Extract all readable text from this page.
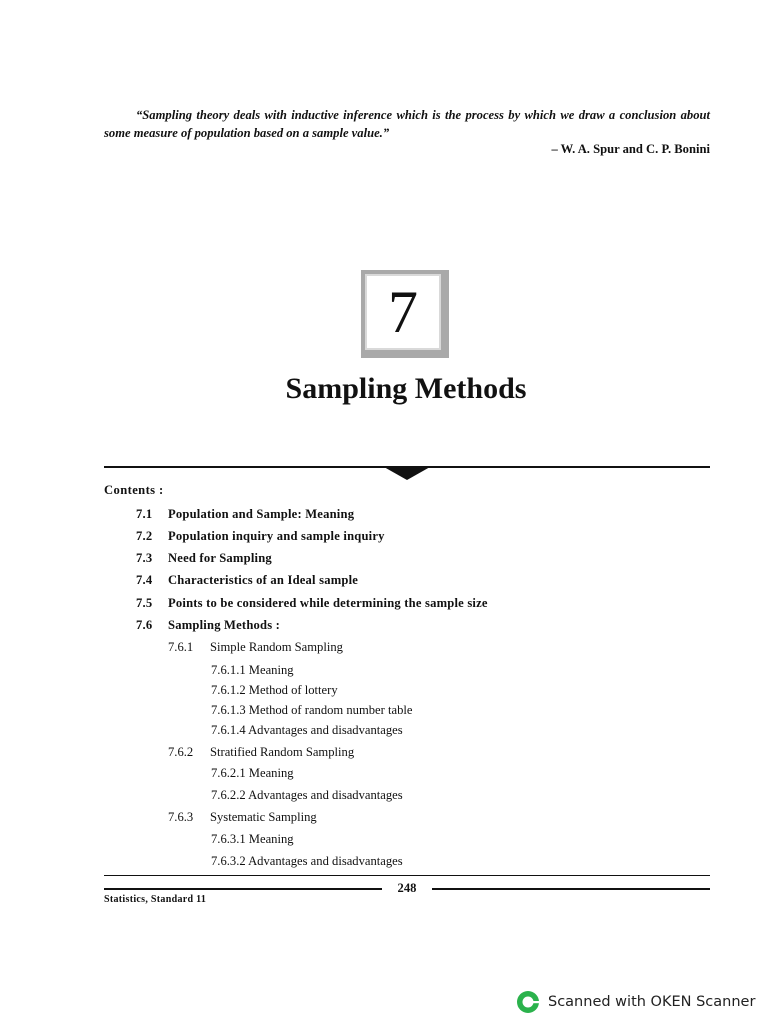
“Sampling theory deals with inductive inference which is the process by which we draw a conclusion about some measure of population based on a sample value.”
– W. A. Spur and C. P. Bonini
7
Sampling Methods
Contents :
7.1 Population and Sample: Meaning
7.2 Population inquiry and sample inquiry
7.3 Need for Sampling
7.4 Characteristics of an Ideal sample
7.5 Points to be considered while determining the sample size
7.6 Sampling Methods :
7.6.1 Simple Random Sampling
7.6.1.1 Meaning
7.6.1.2 Method of lottery
7.6.1.3 Method of random number table
7.6.1.4 Advantages and disadvantages
7.6.2 Stratified Random Sampling
7.6.2.1 Meaning
7.6.2.2 Advantages and disadvantages
7.6.3 Systematic Sampling
7.6.3.1 Meaning
7.6.3.2 Advantages and disadvantages
248
Statistics, Standard 11
Scanned with OKEN Scanner
